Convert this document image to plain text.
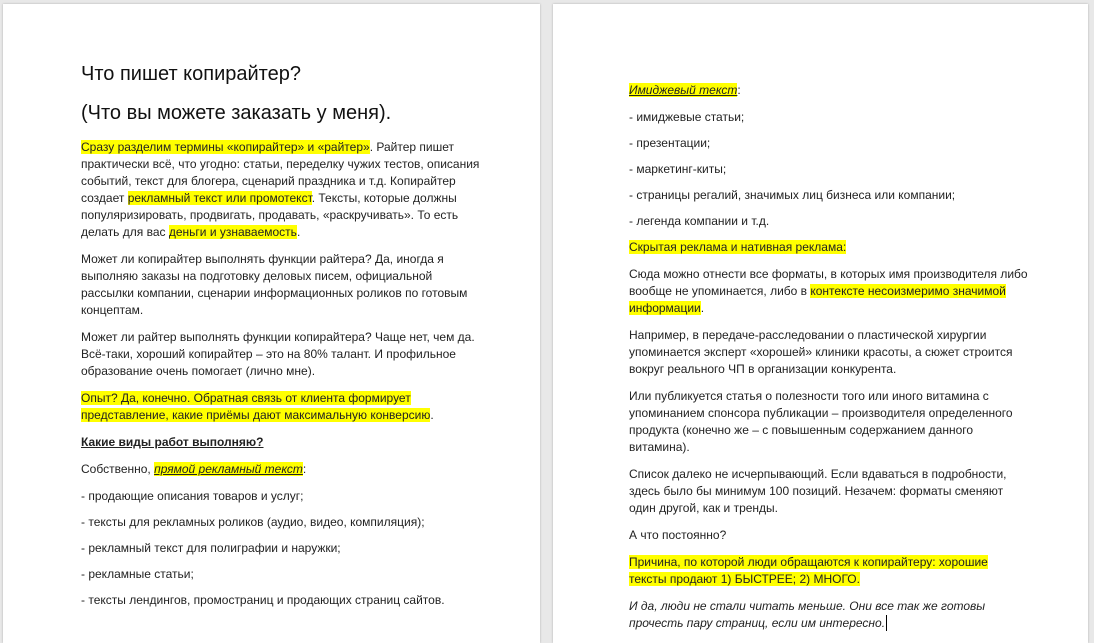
Что пишет копирайтер?
(Что вы можете заказать у меня).

Сразу разделим термины «копирайтер» и «райтер». Райтер пишет практически всё, что угодно: статьи, переделку чужих тестов, описания событий, текст для блогера, сценарий праздника и т.д. Копирайтер создает рекламный текст или промотекст. Тексты, которые должны популяризировать, продвигать, продавать, «раскручивать». То есть делать для вас деньги и узнаваемость.

Может ли копирайтер выполнять функции райтера? Да, иногда я выполняю заказы на подготовку деловых писем, официальной рассылки компании, сценарии информационных роликов по готовым концептам.

Может ли райтер выполнять функции копирайтера? Чаще нет, чем да. Всё-таки, хороший копирайтер – это на 80% талант. И профильное образование очень помогает (лично мне).

Опыт? Да, конечно. Обратная связь от клиента формирует представление, какие приёмы дают максимальную конверсию.

Какие виды работ выполняю?

Собственно, прямой рекламный текст:

- продающие описания товаров и услуг;

- тексты для рекламных роликов (аудио, видео, компиляция);

- рекламный текст для полиграфии и наружки;

- рекламные статьи;

- тексты лендингов, промостраниц и продающих страниц сайтов.

Имиджевый текст:

- имиджевые статьи;

- презентации;

- маркетинг-киты;

- страницы регалий, значимых лиц бизнеса или компании;

- легенда компании и т.д.

Скрытая реклама и нативная реклама:

Сюда можно отнести все форматы, в которых имя производителя либо вообще не упоминается, либо в контексте несоизмеримо значимой информации.

Например, в передаче-расследовании о пластической хирургии упоминается эксперт «хорошей» клиники красоты, а сюжет строится вокруг реального ЧП в организации конкурента.

Или публикуется статья о полезности того или иного витамина с упоминанием спонсора публикации – производителя определенного продукта (конечно же – с повышенным содержанием данного витамина).

Список далеко не исчерпывающий. Если вдаваться в подробности, здесь было бы минимум 100 позиций. Незачем: форматы сменяют один другой, как и тренды.

А что постоянно?

Причина, по которой люди обращаются к копирайтеру: хорошие тексты продают 1) БЫСТРЕЕ; 2) МНОГО.

И да, люди не стали читать меньше. Они все так же готовы прочесть пару страниц, если им интересно.
